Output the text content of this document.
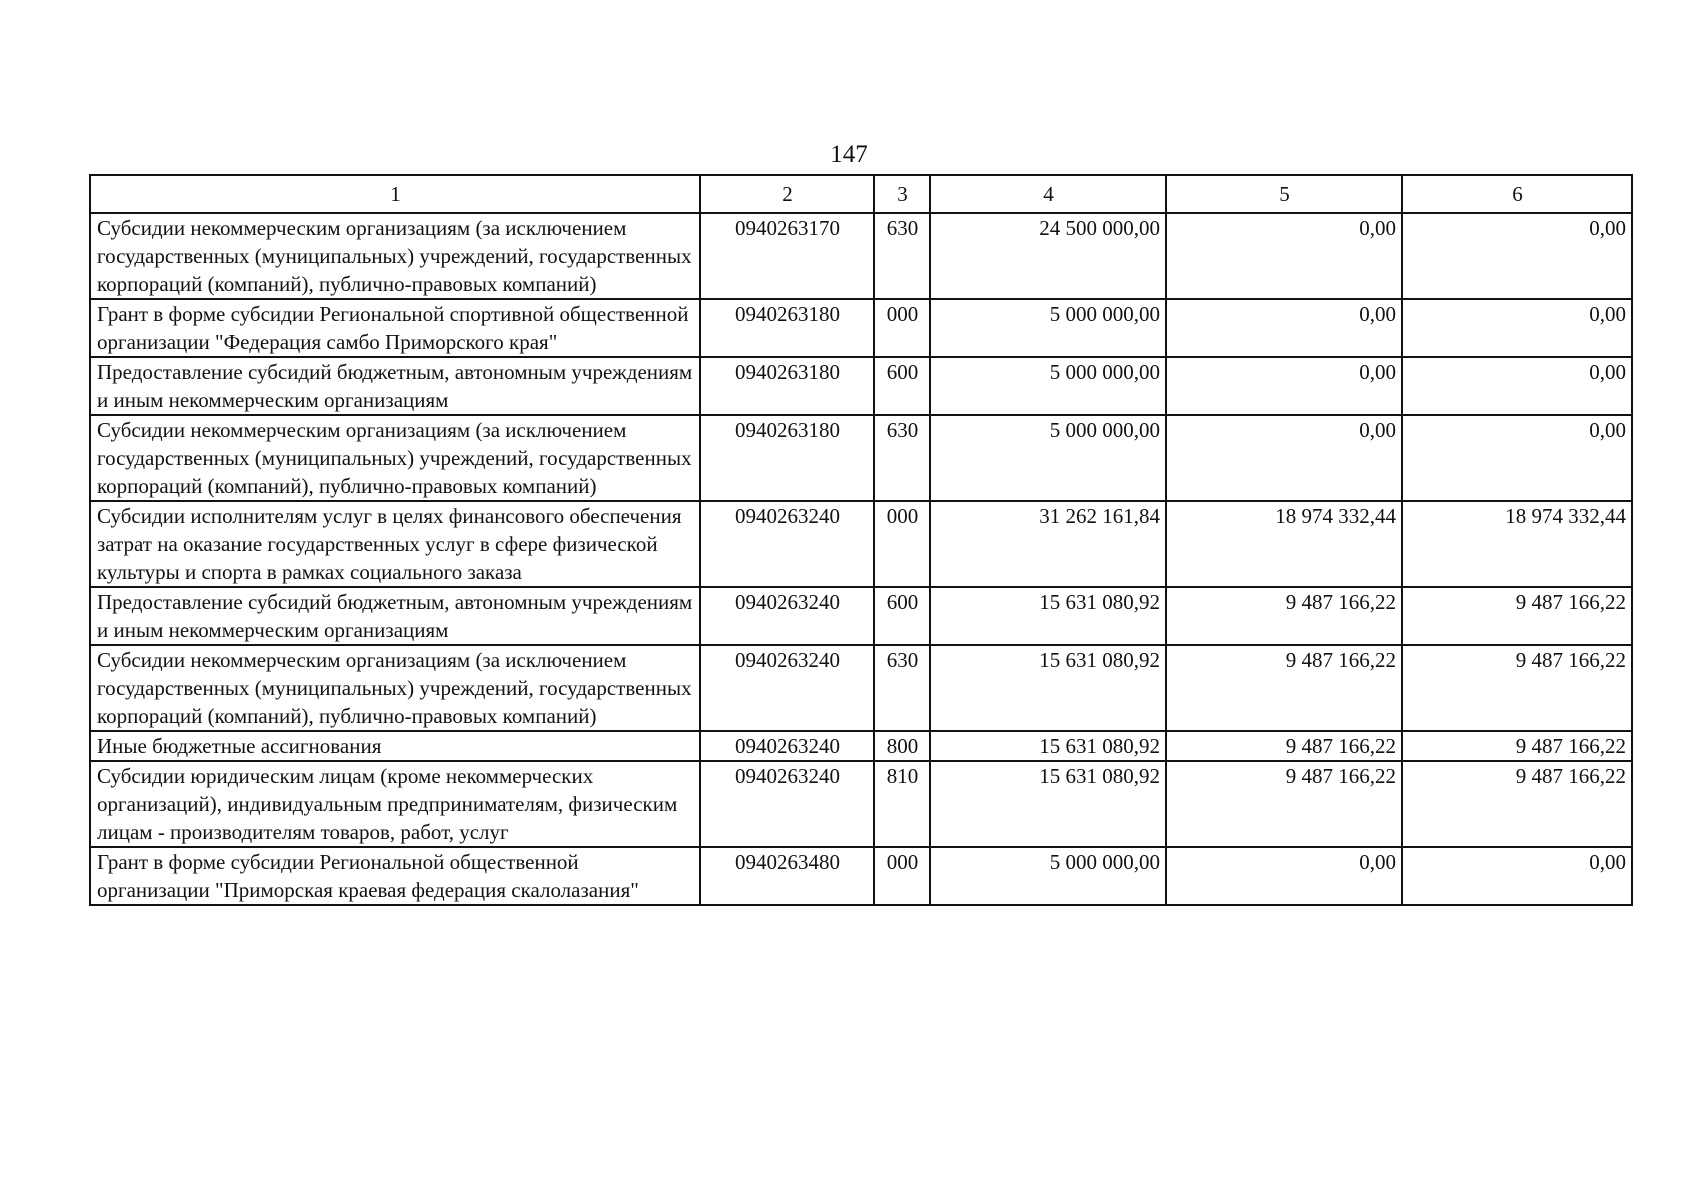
147
1	2	3	4	5	6
Субсидии некоммерческим организациям (за исключением государственных (муниципальных) учреждений, государственных корпораций (компаний), публично-правовых компаний)	0940263170	630	24 500 000,00	0,00	0,00
Грант в форме субсидии Региональной спортивной общественной организации "Федерация самбо Приморского края"	0940263180	000	5 000 000,00	0,00	0,00
Предоставление субсидий бюджетным, автономным учреждениям и иным некоммерческим организациям	0940263180	600	5 000 000,00	0,00	0,00
Субсидии некоммерческим организациям (за исключением государственных (муниципальных) учреждений, государственных корпораций (компаний), публично-правовых компаний)	0940263180	630	5 000 000,00	0,00	0,00
Субсидии исполнителям услуг в целях финансового обеспечения затрат на оказание государственных услуг в сфере физической культуры и спорта в рамках социального заказа	0940263240	000	31 262 161,84	18 974 332,44	18 974 332,44
Предоставление субсидий бюджетным, автономным учреждениям и иным некоммерческим организациям	0940263240	600	15 631 080,92	9 487 166,22	9 487 166,22
Субсидии некоммерческим организациям (за исключением государственных (муниципальных) учреждений, государственных корпораций (компаний), публично-правовых компаний)	0940263240	630	15 631 080,92	9 487 166,22	9 487 166,22
Иные бюджетные ассигнования	0940263240	800	15 631 080,92	9 487 166,22	9 487 166,22
Субсидии юридическим лицам (кроме некоммерческих организаций), индивидуальным предпринимателям, физическим лицам - производителям товаров, работ, услуг	0940263240	810	15 631 080,92	9 487 166,22	9 487 166,22
Грант в форме субсидии Региональной общественной организации "Приморская краевая федерация скалолазания"	0940263480	000	5 000 000,00	0,00	0,00
